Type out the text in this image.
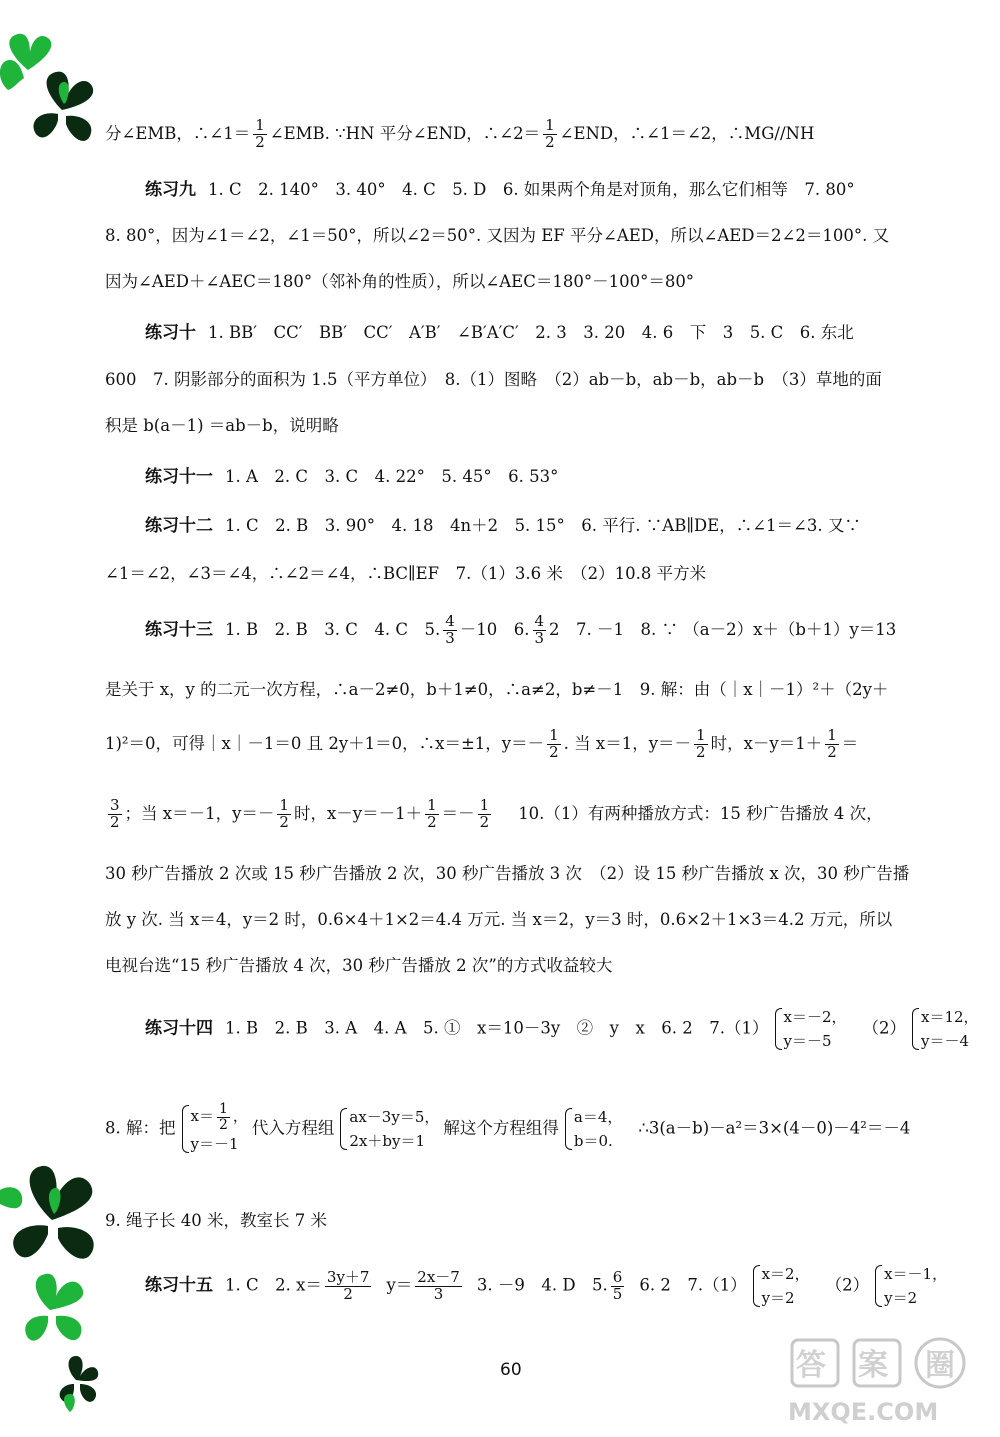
分∠EMB，∴∠1＝ $\frac{1}{2}$ ∠EMB. ∵HN 平分∠END，∴∠2＝ $\frac{1}{2}$ ∠END，∴∠1＝∠2，∴MG//NH
练习九 1. C　2. 140°　3. 40°　4. C　5. D　6. 如果两个角是对顶角，那么它们相等　7. 80°
8. 80°，因为∠1＝∠2，∠1＝50°，所以∠2＝50°. 又因为 EF 平分∠AED，所以∠AED＝2∠2＝100°. 又
因为∠AED＋∠AEC＝180°（邻补角的性质），所以∠AEC＝180°－100°＝80°
练习十 1. BB′　CC′　BB′　CC′　A′B′　∠B′A′C′　2. 3　3. 20　4. 6　下　3　5. C　6. 东北
600　7. 阴影部分的面积为 1.5（平方单位）　8.（1）图略　（2）ab－b，ab－b，ab－b　（3）草地的面
积是 b(a－1) ＝ab－b，说明略
练习十一 1. A　2. C　3. C　4. 22°　5. 45°　6. 53°
练习十二 1. C　2. B　3. 90°　4. 18　4n＋2　5. 15°　6. 平行. ∵AB∥DE，∴∠1＝∠3. 又∵
∠1＝∠2，∠3＝∠4，∴∠2＝∠4，∴BC∥EF　7.（1）3.6 米　（2）10.8 平方米
练习十三 1. B　2. B　3. C　4. C　5. $\frac{4}{3} -10$　6. $\frac{4}{3} 2$　7. －1　8. ∵ （a－2）x＋（b＋1）y＝13
是关于 x，y 的二元一次方程，∴a－2≠0，b＋1≠0，∴a≠2，b≠－1　9. 解：由（｜x｜－1）²＋（2y＋
1)²＝0，可得｜x｜－1＝0 且 2y＋1＝0，∴x＝±1，$y=- \frac{1}{2}$ . 当 x＝1，$y=- \frac{1}{2}$ 时，$x-y=1+ \frac{1}{2}$ ＝
$\frac{3}{2}$ ；当 x＝－1，$y=- \frac{1}{2}$ 时，$x-y=-1+ \frac{1}{2} =- \frac{1}{2} 10.(1)$有两种播放方式：15 秒广告播放 4 次，
30 秒广告播放 2 次或 15 秒广告播放 2 次，30 秒广告播放 3 次　（2）设 15 秒广告播放 x 次，30 秒广告播
放 y 次. 当 x＝4，y＝2 时，0.6×4＋1×2＝4.4 万元. 当 x＝2，y＝3 时，0.6×2＋1×3＝4.2 万元，所以
电视台选“15 秒广告播放 4 次，30 秒广告播放 2 次”的方式收益较大
练习十四 1. B　2. B　3. A　4. A　5. ①　x＝10－3y　②　y　x　6. 2　7.（1）
x＝－2，
y＝－5
（2）
x＝12，
y＝－4
8. 解：把
$x= \frac{1}{2}$ ，
y＝－1
代入方程组
ax－3y＝5，
2x＋by＝1
解这个方程组得
a＝4，
b＝0.
∴3(a－b)－a²＝3×(4－0)－4²＝－4
9. 绳子长 40 米，教室长 7 米
练习十五 1. C　2. $x= \frac{3y+7}{2} y= \frac{2x-7}{3} 3$. －9　4. D　5. $\frac{6}{5} 6$. 2　7.（1）
x＝2，
y＝2
（2）
x＝－1，
y＝2
60	答 案 圈
MXQE.COM
